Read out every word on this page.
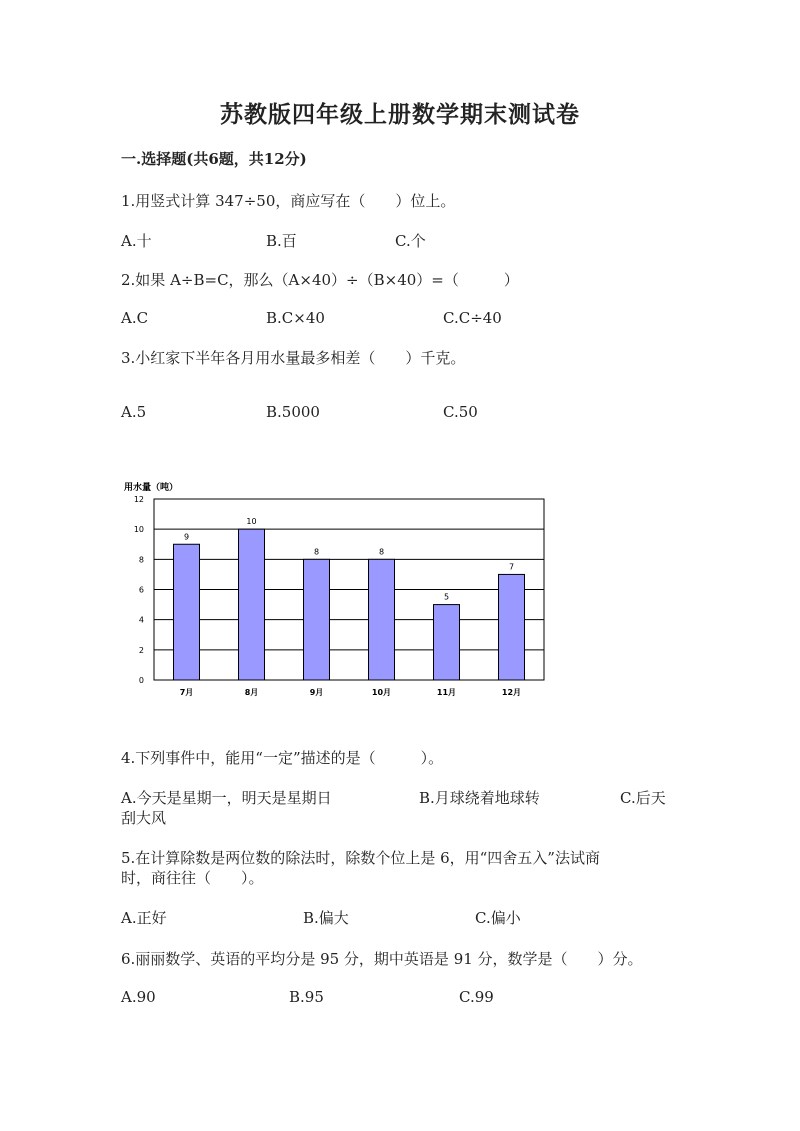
苏教版四年级上册数学期末测试卷
一.选择题(共6题，共12分)
1.用竖式计算 347÷50，商应写在（　　）位上。
A.十	B.百	C.个
2.如果 A÷B=C，那么（A×40）÷（B×40）=（　　　）
A.C	B.C×40	C.C÷40
3.小红家下半年各月用水量最多相差（　　）千克。
A.5	B.5000	C.50
用水量（吨）
0
2
4
6
8
10
12
9
7月
10
8月
8
9月
8
10月
5
11月
7
12月
4.下列事件中，能用“一定”描述的是（　　　）。
A.今天是星期一，明天是星期日	B.月球绕着地球转	C.后天
刮大风
5.在计算除数是两位数的除法时，除数个位上是 6，用“四舍五入”法试商
时，商往往（　　）。
A.正好	B.偏大	C.偏小
6.丽丽数学、英语的平均分是 95 分，期中英语是 91 分，数学是（　　）分。
A.90	B.95	C.99
